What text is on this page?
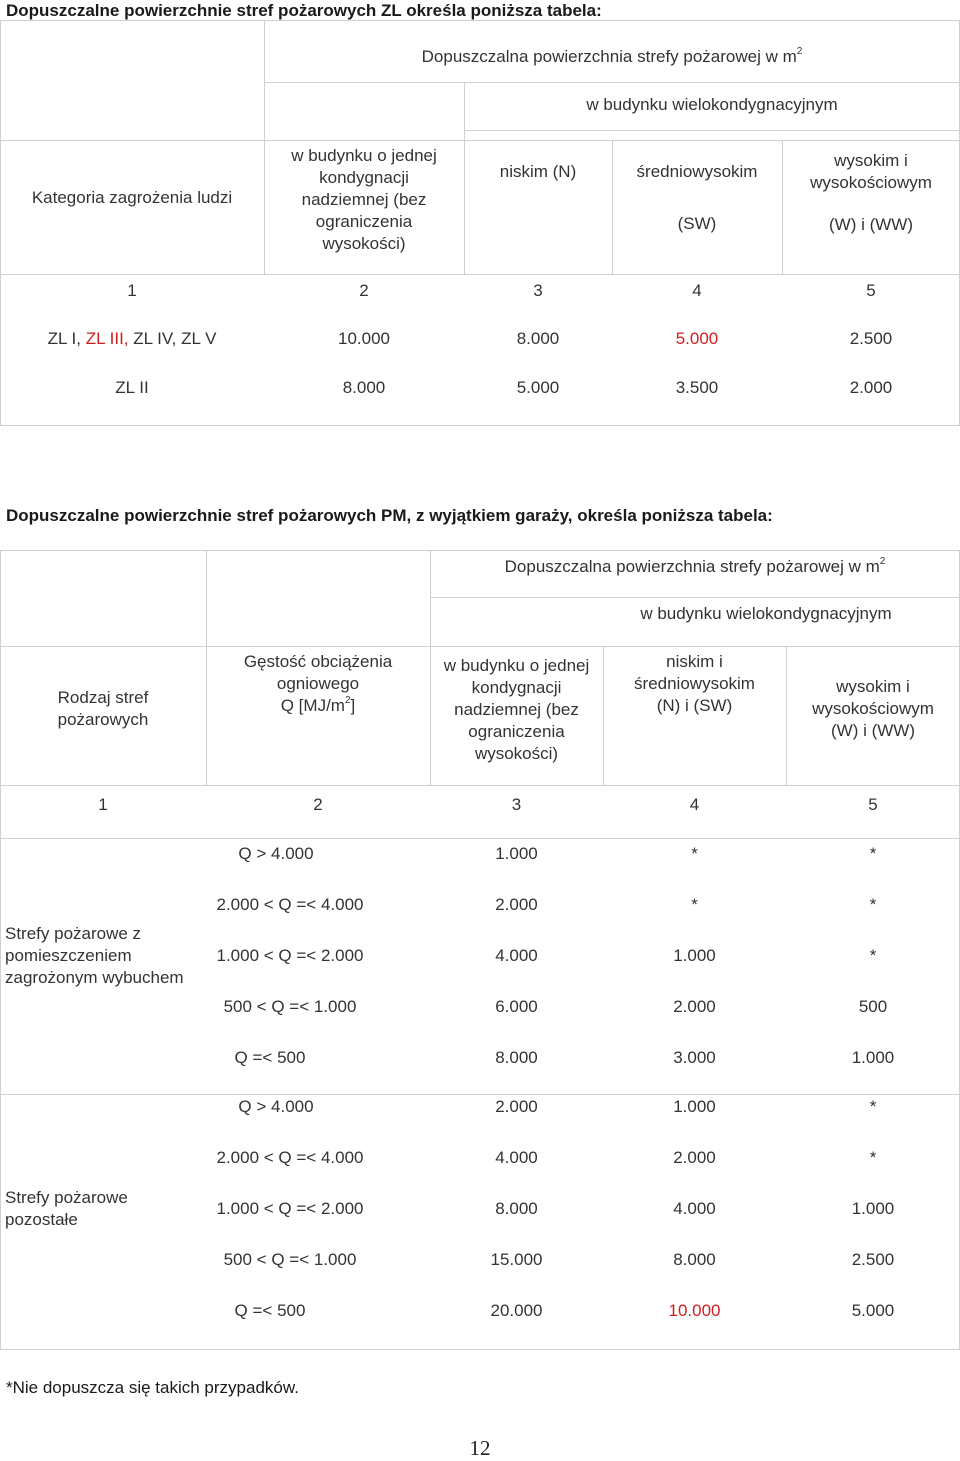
Dopuszczalne powierzchnie stref pożarowych ZL określa poniższa tabela:
Dopuszczalna powierzchnia strefy pożarowej w $m^2$
w budynku wielokondygnacyjnym
Kategoria zagrożenia ludzi
w budynku o jednej
kondygnacji
nadziemnej (bez
ograniczenia
wysokości)
niskim (N)	średniowysokim
(SW)
wysokim i
wysokościowym
(W) i (WW)
1	2	3	4	5
ZL I, ZL III, ZL IV, ZL V	10.000	8.000	5.000	2.500
ZL II	8.000	5.000	3.500	2.000
Dopuszczalne powierzchnie stref pożarowych PM, z wyjątkiem garaży, określa poniższa tabela:
Dopuszczalna powierzchnia strefy pożarowej w $m^2$
w budynku wielokondygnacyjnym
Rodzaj stref
pożarowych
Gęstość obciążenia
ogniowego
Q $[MJ/m^2]$
w budynku o jednej
kondygnacji
nadziemnej (bez
ograniczenia
wysokości)
niskim i
średniowysokim
(N) i (SW)
wysokim i
wysokościowym
(W) i (WW)
1	2	3	4	5
Strefy pożarowe z
pomieszczeniem
zagrożonym wybuchem
Q > 4.000	1.000	*	*
2.000 < Q =< 4.000	2.000	*	*
1.000 < Q =< 2.000	4.000	1.000	*
500 < Q =< 1.000	6.000	2.000	500
Q =< 500	8.000	3.000	1.000
Strefy pożarowe
pozostałe
Q > 4.000	2.000	1.000	*
2.000 < Q =< 4.000	4.000	2.000	*
1.000 < Q =< 2.000	8.000	4.000	1.000
500 < Q =< 1.000	15.000	8.000	2.500
Q =< 500	20.000	10.000	5.000
*Nie dopuszcza się takich przypadków.
12
